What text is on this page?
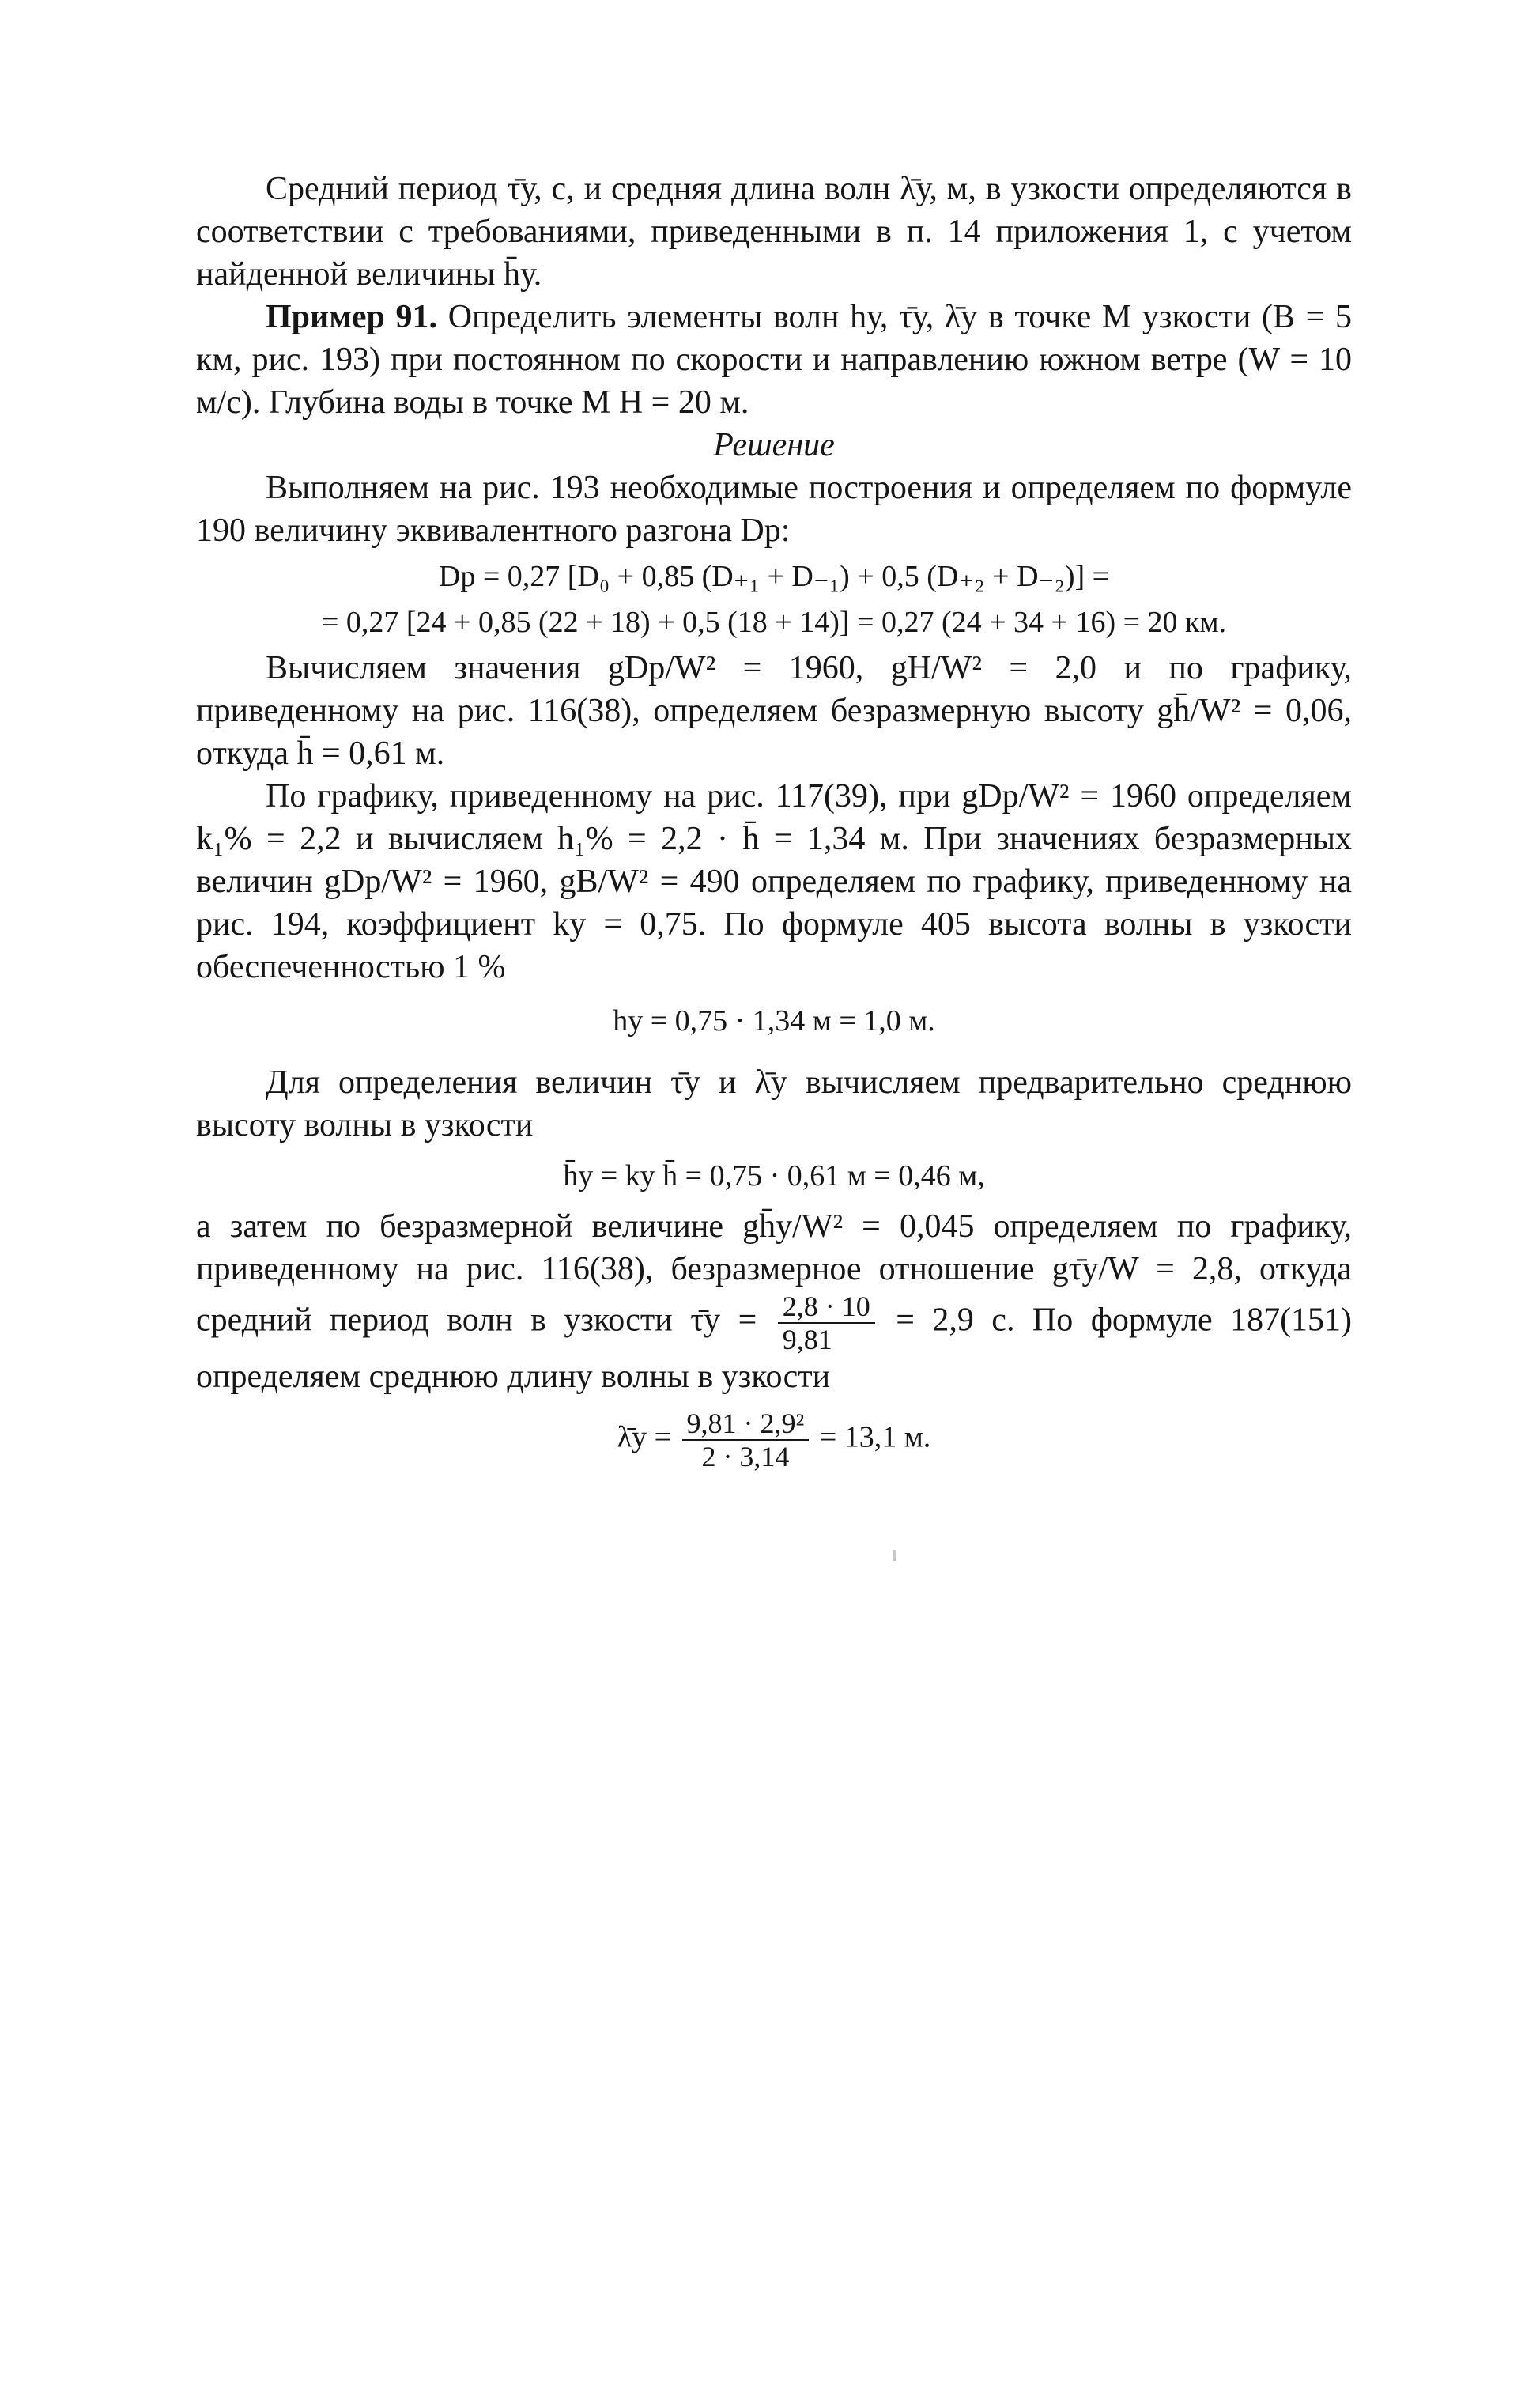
Средний период τ̄у, с, и средняя длина волн λ̄у, м, в узкости определяются в соответствии с требованиями, приведенными в п. 14 приложения 1, с учетом найденной величины h̄у.

Пример 91. Определить элементы волн hу, τ̄у, λ̄у в точке M узкости (B = 5 км, рис. 193) при постоянном по скорости и направлению южном ветре (W = 10 м/с). Глубина воды в точке M H = 20 м.

Решение

Выполняем на рис. 193 необходимые построения и определяем по формуле 190 величину эквивалентного разгона Dр:

Dр = 0,27 [D₀ + 0,85 (D₊₁ + D₋₁) + 0,5 (D₊₂ + D₋₂)] =

= 0,27 [24 + 0,85 (22 + 18) + 0,5 (18 + 14)] = 0,27 (24 + 34 + 16) = 20 км.

Вычисляем значения gDр/W² = 1960, gH/W² = 2,0 и по графику, приведенному на рис. 116(38), определяем безразмерную высоту gh̄/W² = 0,06, откуда h̄ = 0,61 м.

По графику, приведенному на рис. 117(39), при gDр/W² = 1960 определяем k₁% = 2,2 и вычисляем h₁% = 2,2 · h̄ = 1,34 м. При значениях безразмерных величин gDр/W² = 1960, gB/W² = 490 определяем по графику, приведенному на рис. 194, коэффициент kу = 0,75. По формуле 405 высота волны в узкости обеспеченностью 1 %

hу = 0,75 · 1,34 м = 1,0 м.

Для определения величин τ̄у и λ̄у вычисляем предварительно среднюю высоту волны в узкости

h̄у = kу h̄ = 0,75 · 0,61 м = 0,46 м,

а затем по безразмерной величине gh̄у/W² = 0,045 определяем по графику, приведенному на рис. 116(38), безразмерное отношение gτ̄у/W = 2,8, откуда средний период волн в узкости τ̄у = $\frac{2,8 \cdot 10}{9,81} = 2,9$ с. По формуле 187(151) определяем среднюю длину волны в узкости

λ̄у = $\frac{\text{9,81 · 2,9²}}{2 \cdot 3,14} = 13,1$ м.
